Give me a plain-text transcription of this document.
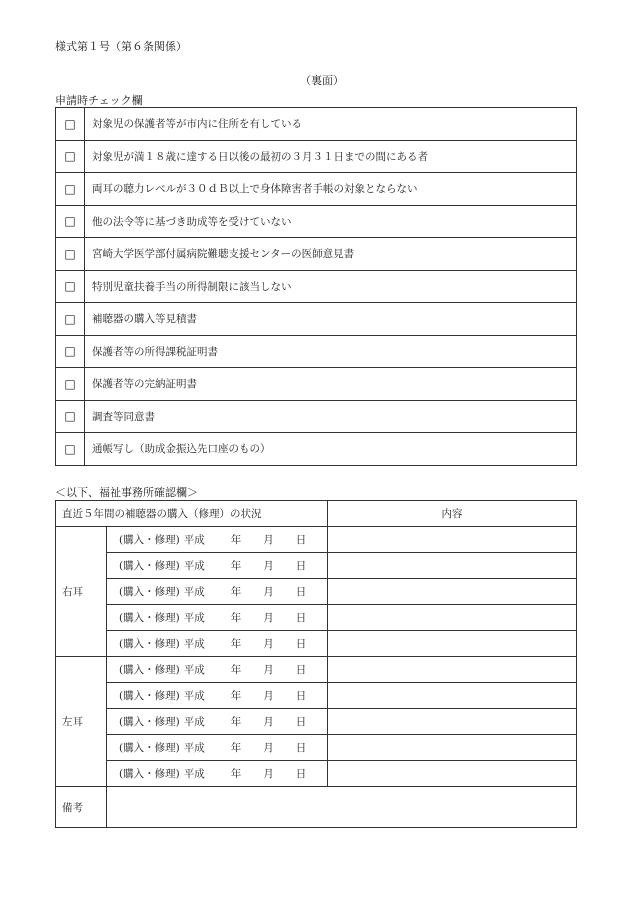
様式第１号（第６条関係）
（裏面）
申請時チェック欄
□	対象児の保護者等が市内に住所を有している
□	対象児が満１８歳に達する日以後の最初の３月３１日までの間にある者
□	両耳の聴力レベルが３０ｄＢ以上で身体障害者手帳の対象とならない
□	他の法令等に基づき助成等を受けていない
□	宮崎大学医学部付属病院難聴支援センターの医師意見書
□	特別児童扶養手当の所得制限に該当しない
□	補聴器の購入等見積書
□	保護者等の所得課税証明書
□	保護者等の完納証明書
□	調査等同意書
□	通帳写し（助成金振込先口座のもの）
＜以下、福祉事務所確認欄＞
直近５年間の補聴器の購入（修理）の状況		内容
右耳	(購入・修理) 平成 年 月 日	
	(購入・修理) 平成 年 月 日	
	(購入・修理) 平成 年 月 日	
	(購入・修理) 平成 年 月 日	
	(購入・修理) 平成 年 月 日	
左耳	(購入・修理) 平成 年 月 日	
	(購入・修理) 平成 年 月 日	
	(購入・修理) 平成 年 月 日	
	(購入・修理) 平成 年 月 日	
	(購入・修理) 平成 年 月 日	
備考		
